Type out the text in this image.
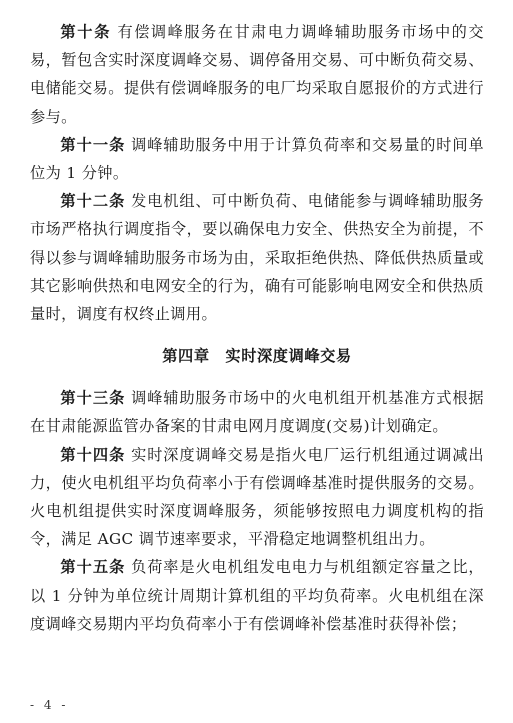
第十条 有偿调峰服务在甘肃电力调峰辅助服务市场中的交易，暂包含实时深度调峰交易、调停备用交易、可中断负荷交易、电储能交易。提供有偿调峰服务的电厂均采取自愿报价的方式进行参与。

第十一条 调峰辅助服务中用于计算负荷率和交易量的时间单位为 1 分钟。

第十二条 发电机组、可中断负荷、电储能参与调峰辅助服务市场严格执行调度指令，要以确保电力安全、供热安全为前提，不得以参与调峰辅助服务市场为由，采取拒绝供热、降低供热质量或其它影响供热和电网安全的行为，确有可能影响电网安全和供热质量时，调度有权终止调用。

第四章　实时深度调峰交易

第十三条 调峰辅助服务市场中的火电机组开机基准方式根据在甘肃能源监管办备案的甘肃电网月度调度(交易)计划确定。

第十四条 实时深度调峰交易是指火电厂运行机组通过调减出力，使火电机组平均负荷率小于有偿调峰基准时提供服务的交易。火电机组提供实时深度调峰服务，须能够按照电力调度机构的指令，满足 AGC 调节速率要求，平滑稳定地调整机组出力。

第十五条 负荷率是火电机组发电电力与机组额定容量之比，以 1 分钟为单位统计周期计算机组的平均负荷率。火电机组在深度调峰交易期内平均负荷率小于有偿调峰补偿基准时获得补偿；

- 4 -
